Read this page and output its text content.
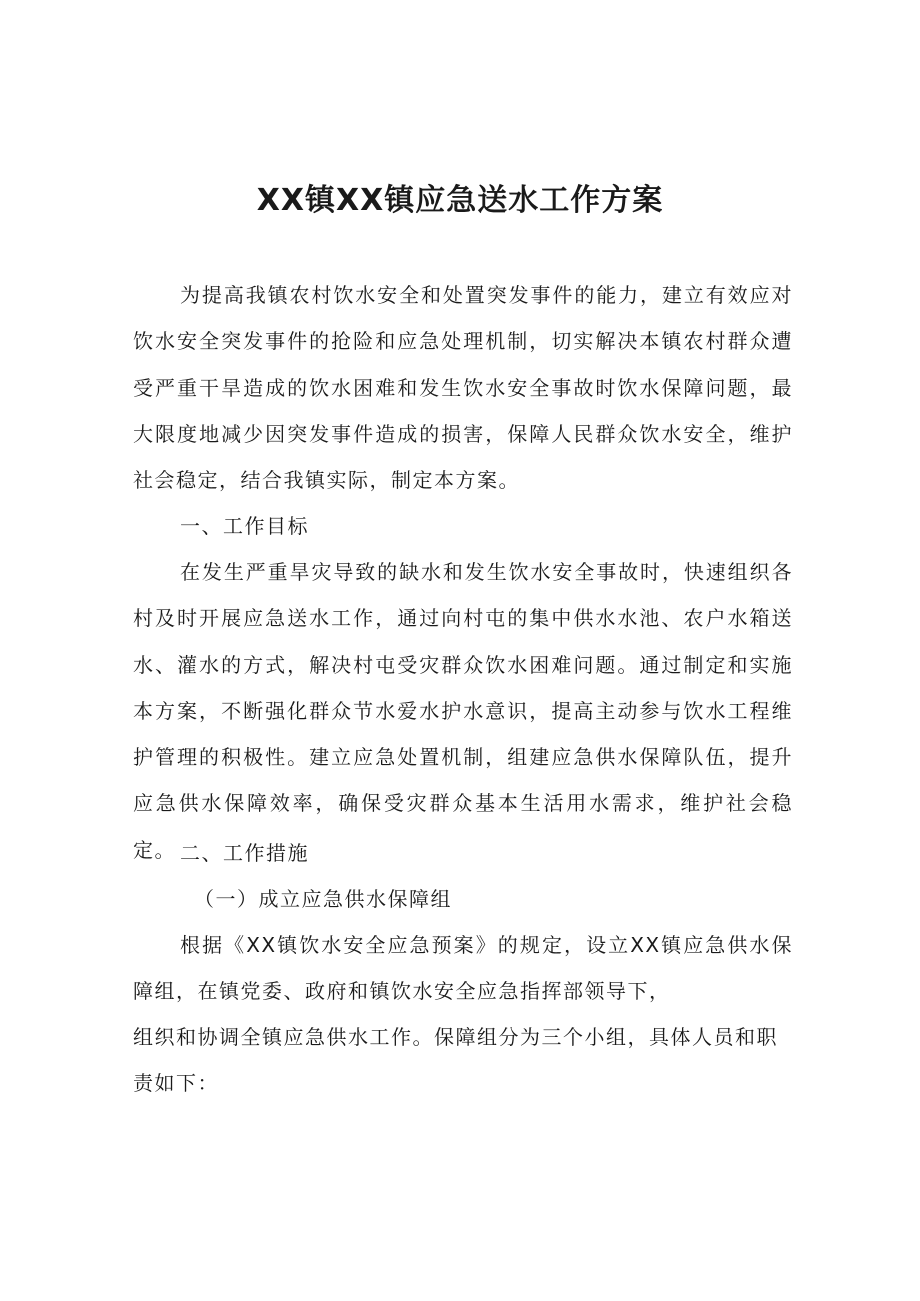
XX镇XX镇应急送水工作方案

为提高我镇农村饮水安全和处置突发事件的能力，建立有效应对饮水安全突发事件的抢险和应急处理机制，切实解决本镇农村群众遭受严重干旱造成的饮水困难和发生饮水安全事故时饮水保障问题，最大限度地减少因突发事件造成的损害，保障人民群众饮水安全，维护社会稳定，结合我镇实际，制定本方案。

一、工作目标

在发生严重旱灾导致的缺水和发生饮水安全事故时，快速组织各村及时开展应急送水工作，通过向村屯的集中供水水池、农户水箱送水、灌水的方式，解决村屯受灾群众饮水困难问题。通过制定和实施本方案，不断强化群众节水爱水护水意识，提高主动参与饮水工程维护管理的积极性。建立应急处置机制，组建应急供水保障队伍，提升应急供水保障效率，确保受灾群众基本生活用水需求，维护社会稳定。 二、工作措施

（一）成立应急供水保障组

根据《XX镇饮水安全应急预案》的规定，设立XX镇应急供水保障组，在镇党委、政府和镇饮水安全应急指挥部领导下，

组织和协调全镇应急供水工作。保障组分为三个小组，具体人员和职
责如下：
